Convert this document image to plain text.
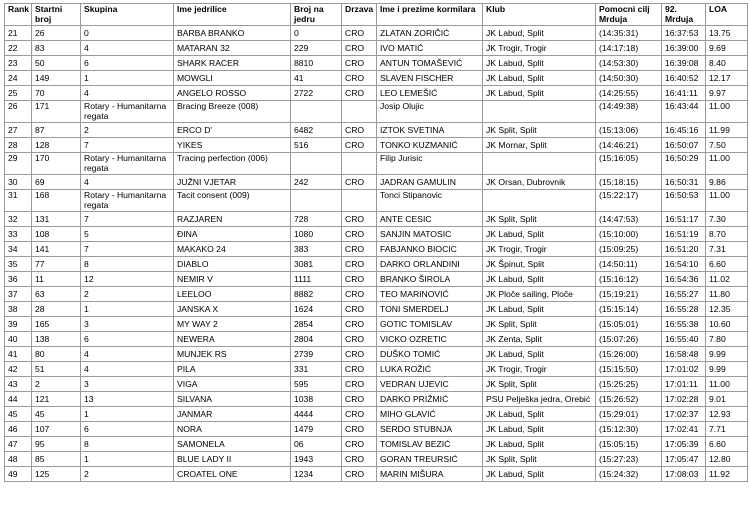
Rank	Startni broj	Skupina	Ime jedrilice	Broj na jedru	Drzava	Ime i prezime kormilara	Klub	Pomocni cilj Mrduja	92. Mrduja	LOA
21	26	0	BARBA BRANKO	0	CRO	ZLATAN ZORIČIĆ	JK Labud, Split	(14:35:31)	16:37:53	13.75
22	83	4	MATARAN 32	229	CRO	IVO MATIĆ	JK Trogir, Trogir	(14:17:18)	16:39:00	9.69
23	50	6	SHARK RACER	8810	CRO	ANTUN TOMAŠEVIĆ	JK Labud, Split	(14:53:30)	16:39:08	8.40
24	149	1	MOWGLI	41	CRO	SLAVEN FISCHER	JK Labud, Split	(14:50:30)	16:40:52	12.17
25	70	4	ANGELO ROSSO	2722	CRO	LEO LEMEŠIĆ	JK Labud, Split	(14:25:55)	16:41:11	9.97
26	171	Rotary - Humanitarna regata	Bracing Breeze (008)			Josip Olujic		(14:49:38)	16:43:44	11.00
27	87	2	ERCO D'	6482	CRO	IZTOK SVETINA	JK Split, Split	(15:13:06)	16:45:16	11.99
28	128	7	YIKES	516	CRO	TONKO KUZMANIĆ	JK Mornar, Split	(14:46:21)	16:50:07	7.50
29	170	Rotary - Humanitarna regata	Tracing perfection (006)			Filip Jurisic		(15:16:05)	16:50:29	11.00
30	69	4	JUŽNI VJETAR	242	CRO	JADRAN GAMULIN	JK Orsan, Dubrovnik	(15:18:15)	16:50:31	9.86
31	168	Rotary - Humanitarna regata	Tacit consent (009)			Tonci Stipanovic		(15:22:17)	16:50:53	11.00
32	131	7	RAZJAREN	728	CRO	ANTE CESIC	JK Split, Split	(14:47:53)	16:51:17	7.30
33	108	5	ĐINA	1080	CRO	SANJIN MATOSIC	JK Labud, Split	(15:10:00)	16:51:19	8.70
34	141	7	MAKAKO 24	383	CRO	FABJANKO BIOCIC	JK Trogir, Trogir	(15:09:25)	16:51:20	7.31
35	77	8	DIABLO	3081	CRO	DARKO ORLANDINI	JK Špinut, Split	(14:50:11)	16:54:10	6.60
36	11	12	NEMIR V	1111	CRO	BRANKO ŠIROLA	JK Labud, Split	(15:16:12)	16:54:36	11.02
37	63	2	LEELOO	8882	CRO	TEO MARINOVIĆ	JK Ploče sailing, Ploče	(15:19:21)	16:55:27	11.80
38	28	1	JANSKA X	1624	CRO	TONI SMERDELJ	JK Labud, Split	(15:15:14)	16:55:28	12.35
39	165	3	MY WAY 2	2854	CRO	GOTIC TOMISLAV	JK Split, Split	(15:05:01)	16:55:38	10.60
40	138	6	NEWERA	2804	CRO	VICKO OZRETIC	JK Zenta, Split	(15:07:26)	16:55:40	7.80
41	80	4	MUNJEK RS	2739	CRO	DUŠKO TOMIĆ	JK Labud, Split	(15:26:00)	16:58:48	9.99
42	51	4	PILA	331	CRO	LUKA ROŽIĆ	JK Trogir, Trogir	(15:15:50)	17:01:02	9.99
43	2	3	VIGA	595	CRO	VEDRAN UJEVIC	JK Split, Split	(15:25:25)	17:01:11	11.00
44	121	13	SILVANA	1038	CRO	DARKO PRIŽMIĆ	PSU Pelješka jedra, Orebić	(15:26:52)	17:02:28	9.01
45	45	1	JANMAR	4444	CRO	MIHO GLAVIĆ	JK Labud, Split	(15:29:01)	17:02:37	12.93
46	107	6	NORA	1479	CRO	SERDO STUBNJA	JK Labud, Split	(15:12:30)	17:02:41	7.71
47	95	8	SAMONELA	06	CRO	TOMISLAV BEZIĆ	JK Labud, Split	(15:05:15)	17:05:39	6.60
48	85	1	BLUE LADY II	1943	CRO	GORAN TREURSIĆ	JK Split, Split	(15:27:23)	17:05:47	12.80
49	125	2	CROATEL ONE	1234	CRO	MARIN MIŠURA	JK Labud, Split	(15:24:32)	17:08:03	11.92
